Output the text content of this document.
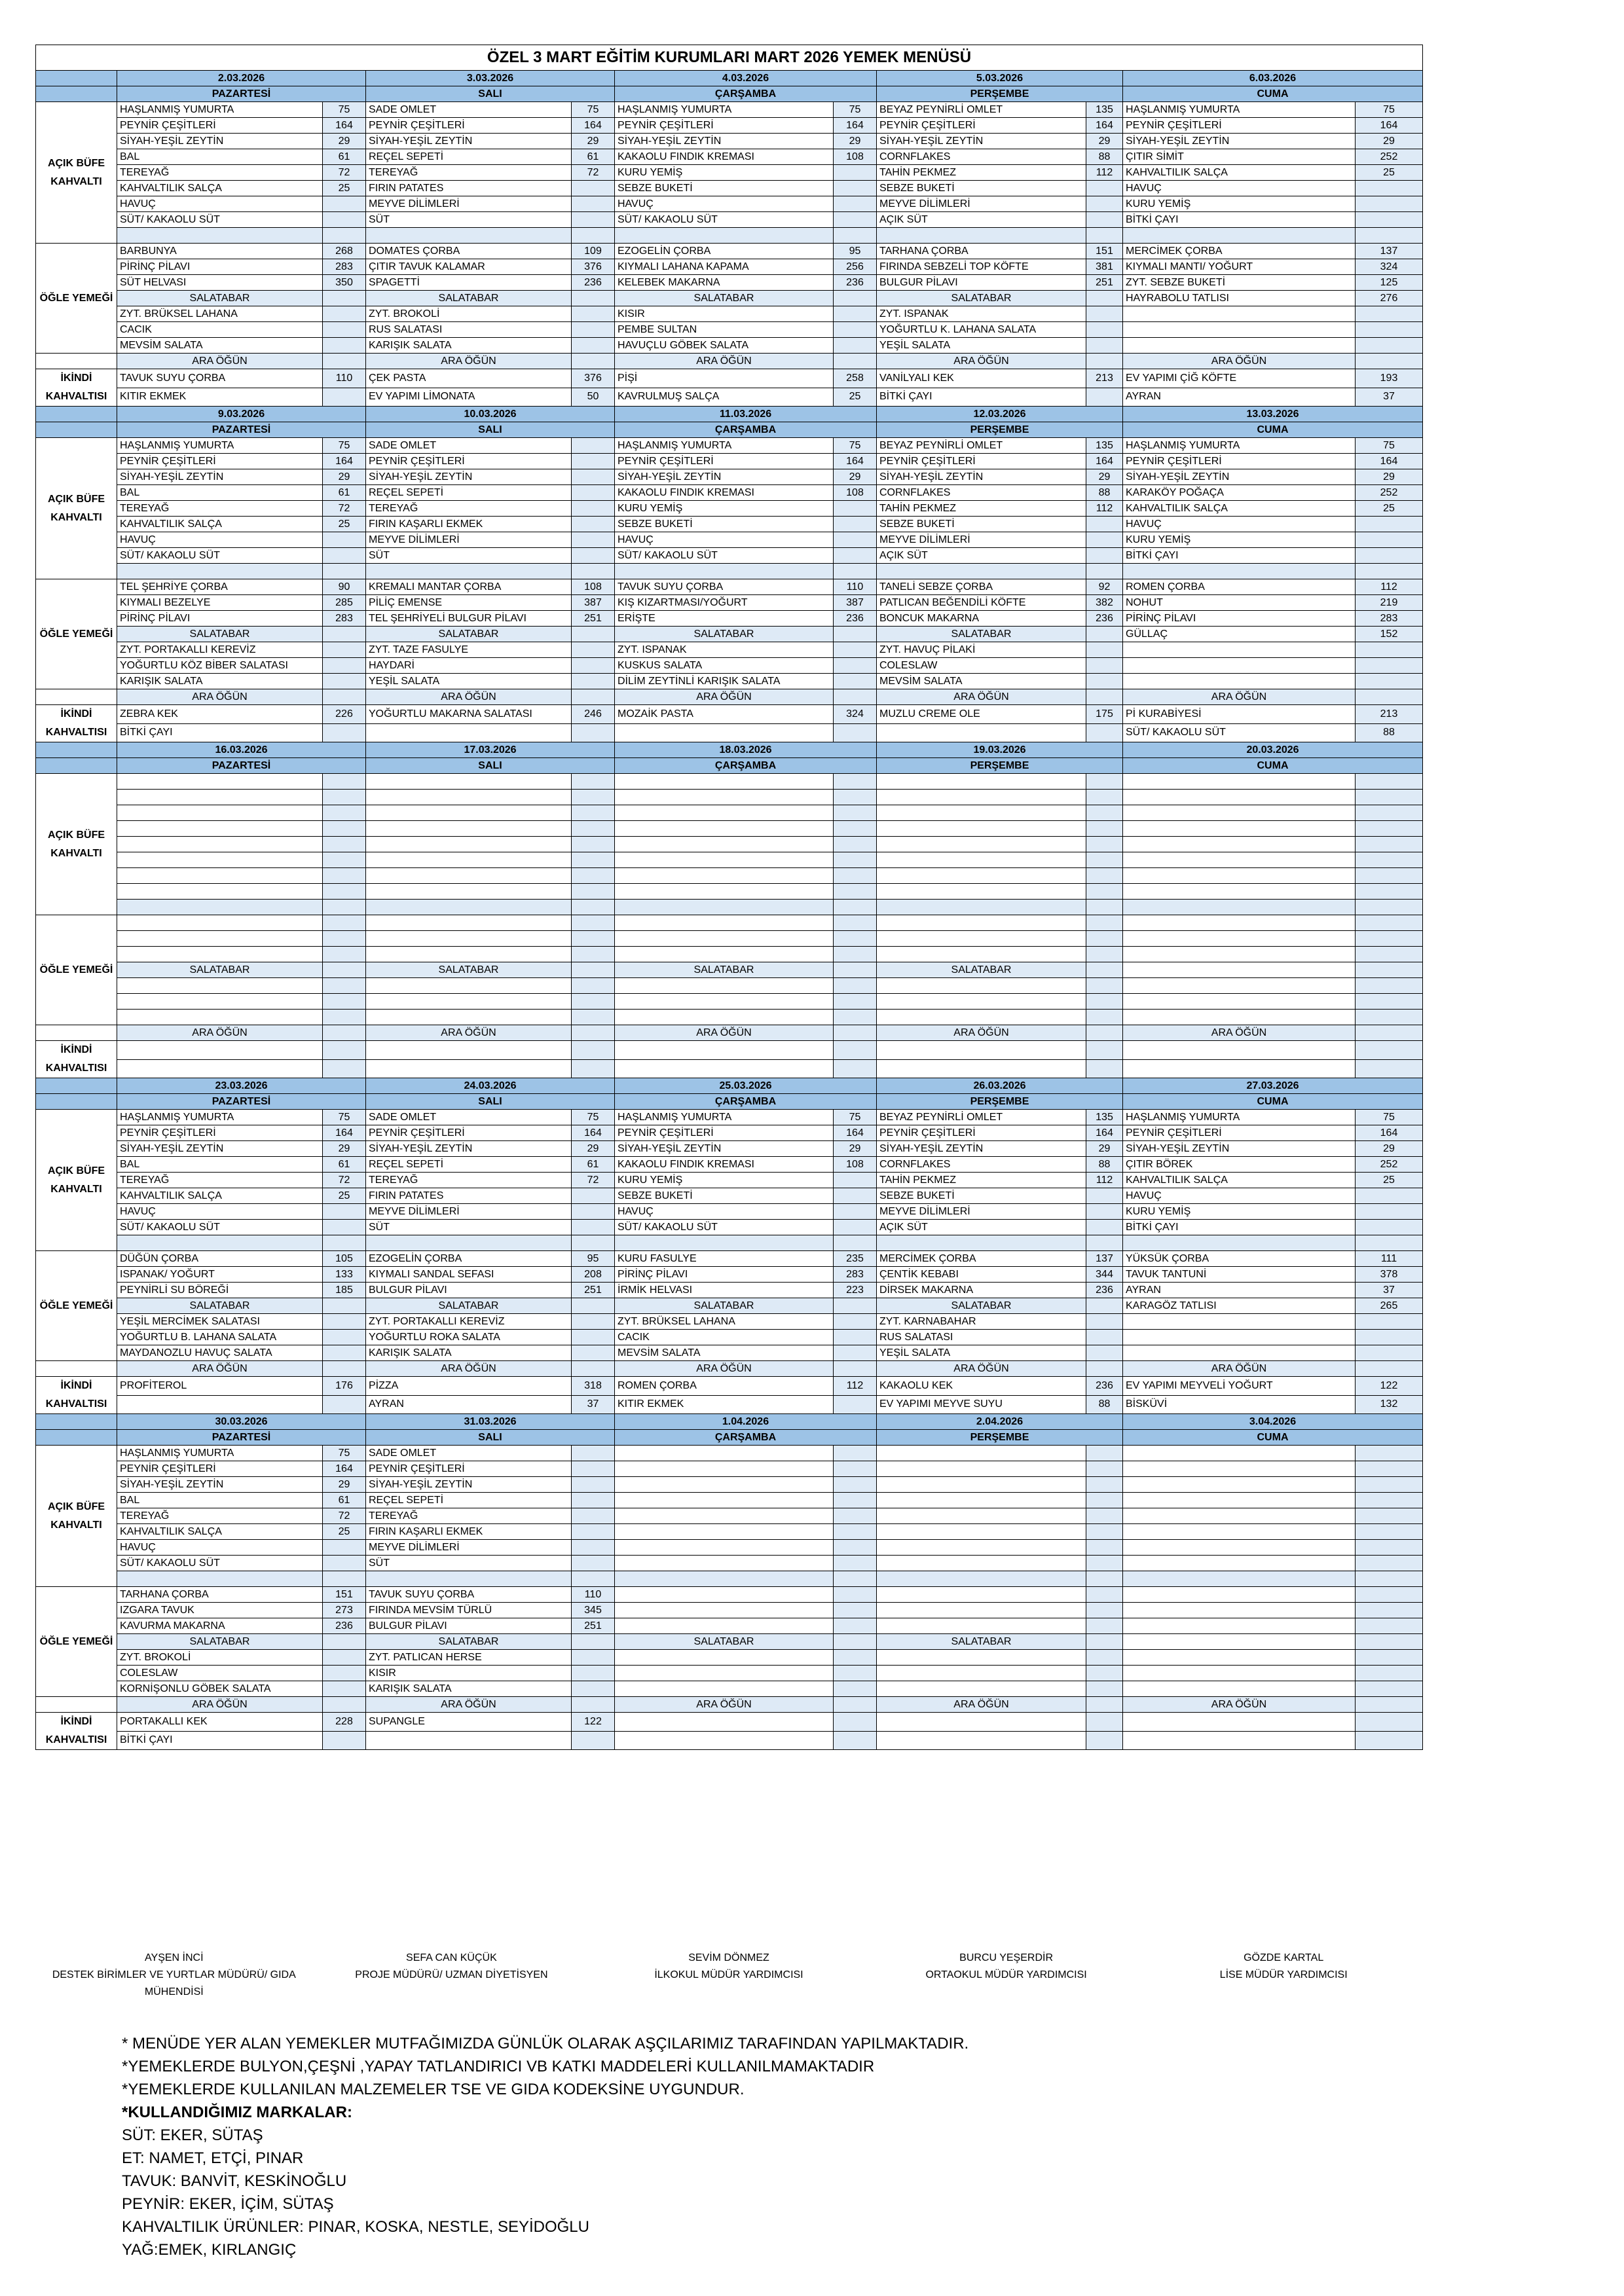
ÖZEL 3 MART EĞİTİM KURUMLARI MART 2026 YEMEK MENÜSÜ										
	2.03.2026		3.03.2026		4.03.2026		5.03.2026		6.03.2026	
	PAZARTESİ		SALI		ÇARŞAMBA		PERŞEMBE		CUMA	
AÇIK BÜFE KAHVALTI	HAŞLANMIŞ YUMURTA	75	SADE OMLET	75	HAŞLANMIŞ YUMURTA	75	BEYAZ PEYNİRLİ OMLET	135	HAŞLANMIŞ YUMURTA	75
	PEYNİR ÇEŞİTLERİ	164	PEYNİR ÇEŞİTLERİ	164	PEYNİR ÇEŞİTLERİ	164	PEYNİR ÇEŞİTLERİ	164	PEYNİR ÇEŞİTLERİ	164
	SİYAH-YEŞİL ZEYTİN	29	SİYAH-YEŞİL ZEYTİN	29	SİYAH-YEŞİL ZEYTİN	29	SİYAH-YEŞİL ZEYTİN	29	SİYAH-YEŞİL ZEYTİN	29
	BAL	61	REÇEL SEPETİ	61	KAKAOLU FINDIK KREMASI	108	CORNFLAKES	88	ÇITIR SİMİT	252
	TEREYAĞ	72	TEREYAĞ	72	KURU YEMİŞ		TAHİN PEKMEZ	112	KAHVALTILIK SALÇA	25
	KAHVALTILIK SALÇA	25	FIRIN PATATES		SEBZE BUKETİ		SEBZE BUKETİ		HAVUÇ	
	HAVUÇ		MEYVE DİLİMLERİ		HAVUÇ		MEYVE DİLİMLERİ		KURU YEMİŞ	
	SÜT/ KAKAOLU SÜT		SÜT		SÜT/ KAKAOLU SÜT		AÇIK SÜT		BİTKİ ÇAYI	

ÖĞLE YEMEĞİ	BARBUNYA	268	DOMATES ÇORBA	109	EZOGELİN ÇORBA	95	TARHANA ÇORBA	151	MERCİMEK ÇORBA	137
	PİRİNÇ PİLAVI	283	ÇITIR TAVUK KALAMAR	376	KIYMALI LAHANA KAPAMA	256	FIRINDA SEBZELİ TOP KÖFTE	381	KIYMALI MANTI/ YOĞURT	324
	SÜT HELVASI	350	SPAGETTİ	236	KELEBEK MAKARNA	236	BULGUR PİLAVI	251	ZYT. SEBZE BUKETİ	125
	SALATABAR		SALATABAR		SALATABAR		SALATABAR		HAYRABOLU TATLISI	276
	ZYT. BRÜKSEL LAHANA		ZYT. BROKOLİ		KISIR		ZYT. ISPANAK			
	CACIK		RUS SALATASI		PEMBE SULTAN		YOĞURTLU K. LAHANA SALATA			
	MEVSİM SALATA		KARIŞIK SALATA		HAVUÇLU GÖBEK SALATA		YEŞİL SALATA			
	ARA ÖĞÜN		ARA ÖĞÜN		ARA ÖĞÜN		ARA ÖĞÜN		ARA ÖĞÜN	
İKİNDİ KAHVALTISI	TAVUK SUYU ÇORBA	110	ÇEK PASTA	376	PİŞİ	258	VANİLYALI KEK	213	EV YAPIMI ÇİĞ KÖFTE	193
	KITIR EKMEK		EV YAPIMI LİMONATA	50	KAVRULMUŞ SALÇA	25	BİTKİ ÇAYI		AYRAN	37
	9.03.2026		10.03.2026		11.03.2026		12.03.2026		13.03.2026	
	PAZARTESİ		SALI		ÇARŞAMBA		PERŞEMBE		CUMA	
AÇIK BÜFE KAHVALTI	HAŞLANMIŞ YUMURTA	75	SADE OMLET		HAŞLANMIŞ YUMURTA	75	BEYAZ PEYNİRLİ OMLET	135	HAŞLANMIŞ YUMURTA	75
	PEYNİR ÇEŞİTLERİ	164	PEYNİR ÇEŞİTLERİ		PEYNİR ÇEŞİTLERİ	164	PEYNİR ÇEŞİTLERİ	164	PEYNİR ÇEŞİTLERİ	164
	SİYAH-YEŞİL ZEYTİN	29	SİYAH-YEŞİL ZEYTİN		SİYAH-YEŞİL ZEYTİN	29	SİYAH-YEŞİL ZEYTİN	29	SİYAH-YEŞİL ZEYTİN	29
	BAL	61	REÇEL SEPETİ		KAKAOLU FINDIK KREMASI	108	CORNFLAKES	88	KARAKÖY POĞAÇA	252
	TEREYAĞ	72	TEREYAĞ		KURU YEMİŞ		TAHİN PEKMEZ	112	KAHVALTILIK SALÇA	25
	KAHVALTILIK SALÇA	25	FIRIN KAŞARLI EKMEK		SEBZE BUKETİ		SEBZE BUKETİ		HAVUÇ	
	HAVUÇ		MEYVE DİLİMLERİ		HAVUÇ		MEYVE DİLİMLERİ		KURU YEMİŞ	
	SÜT/ KAKAOLU SÜT		SÜT		SÜT/ KAKAOLU SÜT		AÇIK SÜT		BİTKİ ÇAYI	

ÖĞLE YEMEĞİ	TEL ŞEHRİYE ÇORBA	90	KREMALI MANTAR ÇORBA	108	TAVUK SUYU ÇORBA	110	TANELİ SEBZE ÇORBA	92	ROMEN ÇORBA	112
	KIYMALI BEZELYE	285	PİLİÇ EMENSE	387	KIŞ KIZARTMASI/YOĞURT	387	PATLICAN BEĞENDİLİ KÖFTE	382	NOHUT	219
	PİRİNÇ PİLAVI	283	TEL ŞEHRİYELİ BULGUR PİLAVI	251	ERİŞTE	236	BONCUK MAKARNA	236	PİRİNÇ PİLAVI	283
	SALATABAR		SALATABAR		SALATABAR		SALATABAR		GÜLLAÇ	152
	ZYT. PORTAKALLI KEREVİZ		ZYT. TAZE FASULYE		ZYT. ISPANAK		ZYT. HAVUÇ PİLAKİ			
	YOĞURTLU KÖZ BİBER SALATASI		HAYDARİ		KUSKUS SALATA		COLESLAW			
	KARIŞIK SALATA		YEŞİL SALATA		DİLİM ZEYTİNLİ KARIŞIK SALATA		MEVSİM SALATA			
	ARA ÖĞÜN		ARA ÖĞÜN		ARA ÖĞÜN		ARA ÖĞÜN		ARA ÖĞÜN	
İKİNDİ KAHVALTISI	ZEBRA KEK	226	YOĞURTLU MAKARNA SALATASI	246	MOZAİK PASTA	324	MUZLU CREME OLE	175	Pİ KURABİYESİ	213
	BİTKİ ÇAYI								SÜT/ KAKAOLU SÜT	88
	16.03.2026		17.03.2026		18.03.2026		19.03.2026		20.03.2026	
	PAZARTESİ		SALI		ÇARŞAMBA		PERŞEMBE		CUMA	
AÇIK BÜFE KAHVALTI										

ÖĞLE YEMEĞİ										

	SALATABAR		SALATABAR		SALATABAR		SALATABAR			

	ARA ÖĞÜN		ARA ÖĞÜN		ARA ÖĞÜN		ARA ÖĞÜN		ARA ÖĞÜN	
İKİNDİ KAHVALTISI										

	23.03.2026		24.03.2026		25.03.2026		26.03.2026		27.03.2026	
	PAZARTESİ		SALI		ÇARŞAMBA		PERŞEMBE		CUMA	
AÇIK BÜFE KAHVALTI	HAŞLANMIŞ YUMURTA	75	SADE OMLET	75	HAŞLANMIŞ YUMURTA	75	BEYAZ PEYNİRLİ OMLET	135	HAŞLANMIŞ YUMURTA	75
	PEYNİR ÇEŞİTLERİ	164	PEYNİR ÇEŞİTLERİ	164	PEYNİR ÇEŞİTLERİ	164	PEYNİR ÇEŞİTLERİ	164	PEYNİR ÇEŞİTLERİ	164
	SİYAH-YEŞİL ZEYTİN	29	SİYAH-YEŞİL ZEYTİN	29	SİYAH-YEŞİL ZEYTİN	29	SİYAH-YEŞİL ZEYTİN	29	SİYAH-YEŞİL ZEYTİN	29
	BAL	61	REÇEL SEPETİ	61	KAKAOLU FINDIK KREMASI	108	CORNFLAKES	88	ÇITIR BÖREK	252
	TEREYAĞ	72	TEREYAĞ	72	KURU YEMİŞ		TAHİN PEKMEZ	112	KAHVALTILIK SALÇA	25
	KAHVALTILIK SALÇA	25	FIRIN PATATES		SEBZE BUKETİ		SEBZE BUKETİ		HAVUÇ	
	HAVUÇ		MEYVE DİLİMLERİ		HAVUÇ		MEYVE DİLİMLERİ		KURU YEMİŞ	
	SÜT/ KAKAOLU SÜT		SÜT		SÜT/ KAKAOLU SÜT		AÇIK SÜT		BİTKİ ÇAYI	

ÖĞLE YEMEĞİ	DÜĞÜN ÇORBA	105	EZOGELİN ÇORBA	95	KURU FASULYE	235	MERCİMEK ÇORBA	137	YÜKSÜK ÇORBA	111
	ISPANAK/ YOĞURT	133	KIYMALI SANDAL SEFASI	208	PİRİNÇ PİLAVI	283	ÇENTİK KEBABI	344	TAVUK TANTUNİ	378
	PEYNİRLİ SU BÖREĞİ	185	BULGUR PİLAVI	251	İRMİK HELVASI	223	DİRSEK MAKARNA	236	AYRAN	37
	SALATABAR		SALATABAR		SALATABAR		SALATABAR		KARAGÖZ TATLISI	265
	YEŞİL MERCİMEK SALATASI		ZYT. PORTAKALLI KEREVİZ		ZYT. BRÜKSEL LAHANA		ZYT. KARNABAHAR			
	YOĞURTLU B. LAHANA SALATA		YOĞURTLU ROKA SALATA		CACIK		RUS SALATASI			
	MAYDANOZLU HAVUÇ SALATA		KARIŞIK SALATA		MEVSİM SALATA		YEŞİL SALATA			
	ARA ÖĞÜN		ARA ÖĞÜN		ARA ÖĞÜN		ARA ÖĞÜN		ARA ÖĞÜN	
İKİNDİ KAHVALTISI	PROFİTEROL	176	PİZZA	318	ROMEN ÇORBA	112	KAKAOLU KEK	236	EV YAPIMI MEYVELİ YOĞURT	122
			AYRAN	37	KITIR EKMEK		EV YAPIMI MEYVE SUYU	88	BİSKÜVİ	132
	30.03.2026		31.03.2026		1.04.2026		2.04.2026		3.04.2026	
	PAZARTESİ		SALI		ÇARŞAMBA		PERŞEMBE		CUMA	
AÇIK BÜFE KAHVALTI	HAŞLANMIŞ YUMURTA	75	SADE OMLET							
	PEYNİR ÇEŞİTLERİ	164	PEYNİR ÇEŞİTLERİ							
	SİYAH-YEŞİL ZEYTİN	29	SİYAH-YEŞİL ZEYTİN							
	BAL	61	REÇEL SEPETİ							
	TEREYAĞ	72	TEREYAĞ							
	KAHVALTILIK SALÇA	25	FIRIN KAŞARLI EKMEK							
	HAVUÇ		MEYVE DİLİMLERİ							
	SÜT/ KAKAOLU SÜT		SÜT							

ÖĞLE YEMEĞİ	TARHANA ÇORBA	151	TAVUK SUYU ÇORBA	110						
	IZGARA TAVUK	273	FIRINDA MEVSİM TÜRLÜ	345						
	KAVURMA MAKARNA	236	BULGUR PİLAVI	251						
	SALATABAR		SALATABAR		SALATABAR		SALATABAR			
	ZYT. BROKOLİ		ZYT. PATLICAN HERSE							
	COLESLAW		KISIR							
	KORNİŞONLU GÖBEK SALATA		KARIŞIK SALATA							
	ARA ÖĞÜN		ARA ÖĞÜN		ARA ÖĞÜN		ARA ÖĞÜN		ARA ÖĞÜN	
İKİNDİ KAHVALTISI	PORTAKALLI KEK	228	SUPANGLE	122						
	BİTKİ ÇAYI									
AYŞEN İNCİ
DESTEK BİRİMLER VE YURTLAR MÜDÜRÜ/ GIDA MÜHENDİSİ
SEFA CAN KÜÇÜK
PROJE MÜDÜRÜ/ UZMAN DİYETİSYEN
SEVİM DÖNMEZ
İLKOKUL MÜDÜR YARDIMCISI
BURCU YEŞERDİR
ORTAOKUL MÜDÜR YARDIMCISI
GÖZDE KARTAL
LİSE MÜDÜR YARDIMCISI
* MENÜDE YER ALAN YEMEKLER MUTFAĞIMIZDA GÜNLÜK OLARAK AŞÇILARIMIZ TARAFINDAN YAPILMAKTADIR.
*YEMEKLERDE BULYON,ÇEŞNİ ,YAPAY TATLANDIRICI VB KATKI MADDELERİ KULLANILMAMAKTADIR
*YEMEKLERDE KULLANILAN MALZEMELER TSE VE GIDA KODEKSİNE UYGUNDUR.
*KULLANDIĞIMIZ MARKALAR:
SÜT: EKER, SÜTAŞ
ET: NAMET, ETÇİ, PINAR
TAVUK: BANVİT, KESKİNOĞLU
PEYNİR: EKER, İÇİM, SÜTAŞ
KAHVALTILIK ÜRÜNLER: PINAR, KOSKA, NESTLE, SEYİDOĞLU
YAĞ:EMEK, KIRLANGIÇ
